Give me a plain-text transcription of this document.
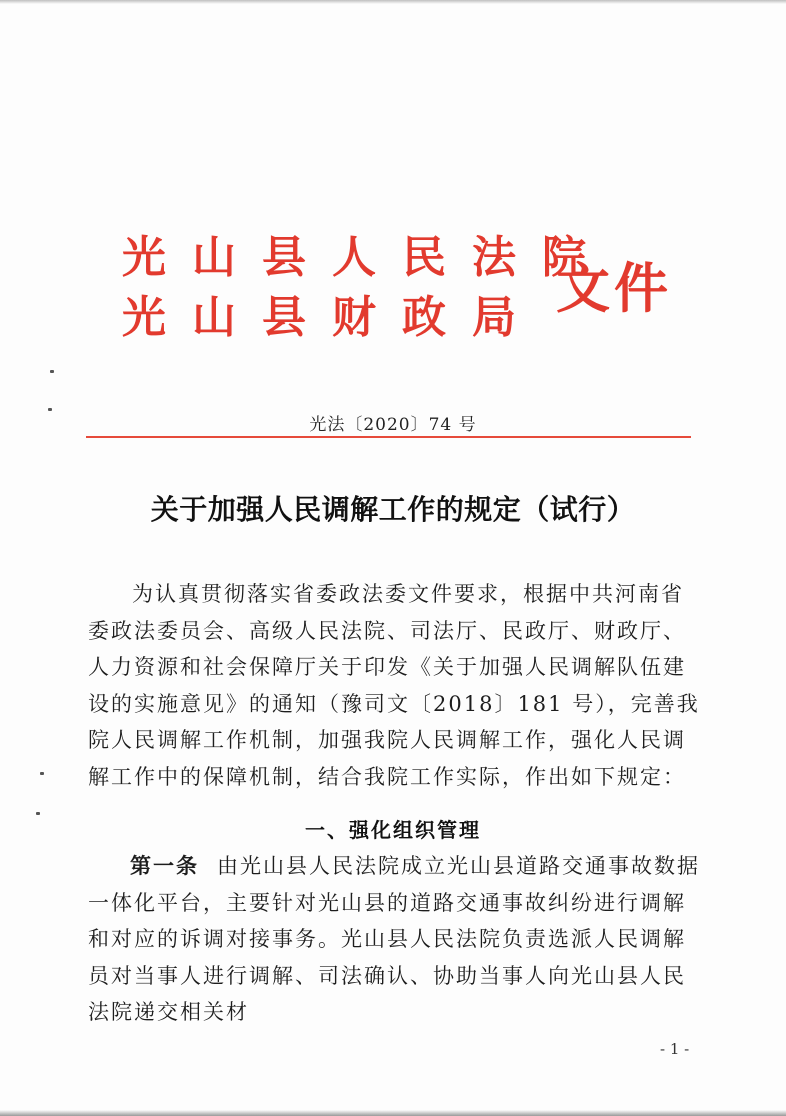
光山县人民法院
光山县财政局 文件
光法〔2020〕74 号
关于加强人民调解工作的规定（试行）

为认真贯彻落实省委政法委文件要求，根据中共河南省委政法委员会、高级人民法院、司法厅、民政厅、财政厅、人力资源和社会保障厅关于印发《关于加强人民调解队伍建设的实施意见》的通知（豫司文〔2018〕181 号），完善我院人民调解工作机制，加强我院人民调解工作，强化人民调解工作中的保障机制，结合我院工作实际，作出如下规定：

一、强化组织管理

第一条 由光山县人民法院成立光山县道路交通事故数据一体化平台，主要针对光山县的道路交通事故纠纷进行调解和对应的诉调对接事务。光山县人民法院负责选派人民调解员对当事人进行调解、司法确认、协助当事人向光山县人民法院递交相关材

- 1 -
